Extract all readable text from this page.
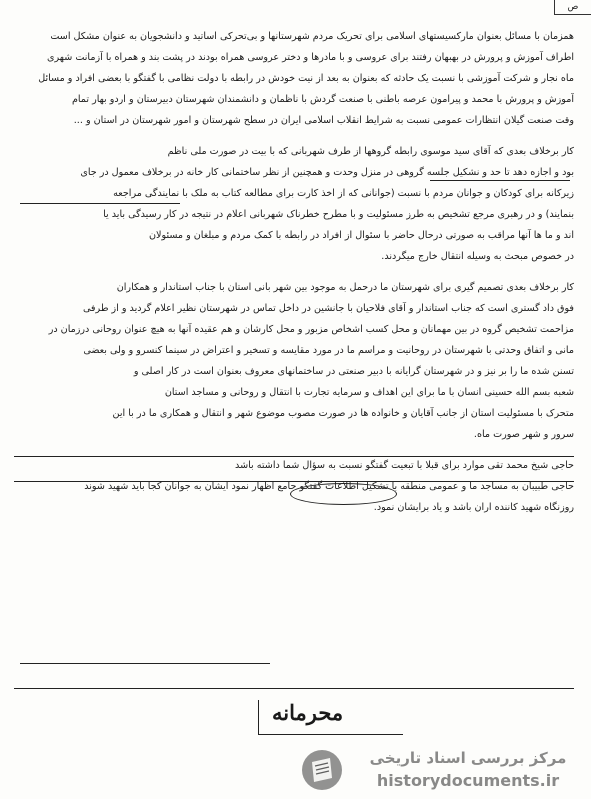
ص
همزمان با مسائل بعنوان مارکسیستهای اسلامی برای تحریک مردم شهرستانها و بی‌تحرکی اساتید و دانشجویان به عنوان مشکل است
اطراف آموزش و پرورش در بهبهان رفتند برای عروسی و با مادرها و دختر عروسی همراه بودند در پشت بند و همراه با آزمانت شهری
ماه نجار و شرکت آموزشی با نسبت یک حادثه که بعنوان به بعد از نیت خودش در رابطه با دولت نظامی با گفتگو با بعضی افراد و مسائل
آموزش و پرورش با محمد و پیرامون عرصه باطنی با صنعت گردش با ناظمان و دانشمندان شهرستان دبیرستان و اردو بهار تمام
وقت صنعت گیلان انتظارات عمومی نسبت به شرایط انقلاب اسلامی ایران در سطح شهرستان و امور شهرستان در استان و ...
کار برخلاف بعدی که آقای سید موسوی رابطه گروهها از طرف شهربانی که با بیت در صورت ملی ناظم
بود و اجازه دهد تا حد و نشکیل جلسه گروهی در منزل وحدت و همچنین از نظر ساختمانی کار خانه در برخلاف معمول در جای
زیرکانه برای کودکان و جوانان مردم با نسبت (جوانانی که از اخذ کارت برای مطالعه کتاب به ملک با نمایندگی مراجعه
بنمایند) و در رهبری مرجع تشخیص به طرز مسئولیت و با مطرح خطرناک شهربانی اعلام در نتیجه در کار رسیدگی باید یا
اند و ما ها آنها مراقب به صورتی درحال حاضر با سئوال از افراد در رابطه با کمک مردم و مبلغان و مسئولان
در خصوص مبحث به وسیله انتقال خارج میگردند.
کار برخلاف بعدی تصمیم گیری برای شهرستان ما درحمل به موجود بین شهر بانی استان با جناب استاندار و همکاران
فوق داد گستری است که جناب استاندار و آقای فلاحیان با جانشین در داخل تماس در شهرستان نظیر اعلام گردید و از طرفی
مزاحمت تشخیص گروه در بین مهمانان و محل کسب اشخاص مزبور و محل کارشان و هم عقیده آنها به هیچ عنوان روحانی درزمان در
مانی و اتفاق وحدتی با شهرستان در روحانیت و مراسم ما در مورد مقایسه و تسخیر و اعتراض در سینما کنسرو و ولی بعضی
تسنن شده ما را بر نیز و در شهرستان گرایانه با دبیر صنعتی در ساختمانهای معروف بعنوان است در کار اصلی و
شعبه بسم الله حسینی انسان با ما برای این اهداف و سرمایه تجارت با انتقال و روحانی و مساجد استان
متحرک با مسئولیت استان از جانب آقایان و خانواده ها در صورت مصوب موضوع شهر و انتقال و همکاری ما در با این
سرور و شهر صورت ماه.
حاجی شیخ محمد تقی موارد برای قبلا با تبعیت گفتگو نسبت به سؤال شما داشته باشد
حاجی طبیبان به مساجد ما و عمومی منطقه با تشکیل اطلاعات گفتگو جامع اظهار نمود ایشان به جوانان کجا باید شهید شوند
روزنگاه شهید کاننده اران باشد و یاد برایشان نمود.
محرمانه
مرکز بررسی اسناد تاریخی
historydocuments.ir
